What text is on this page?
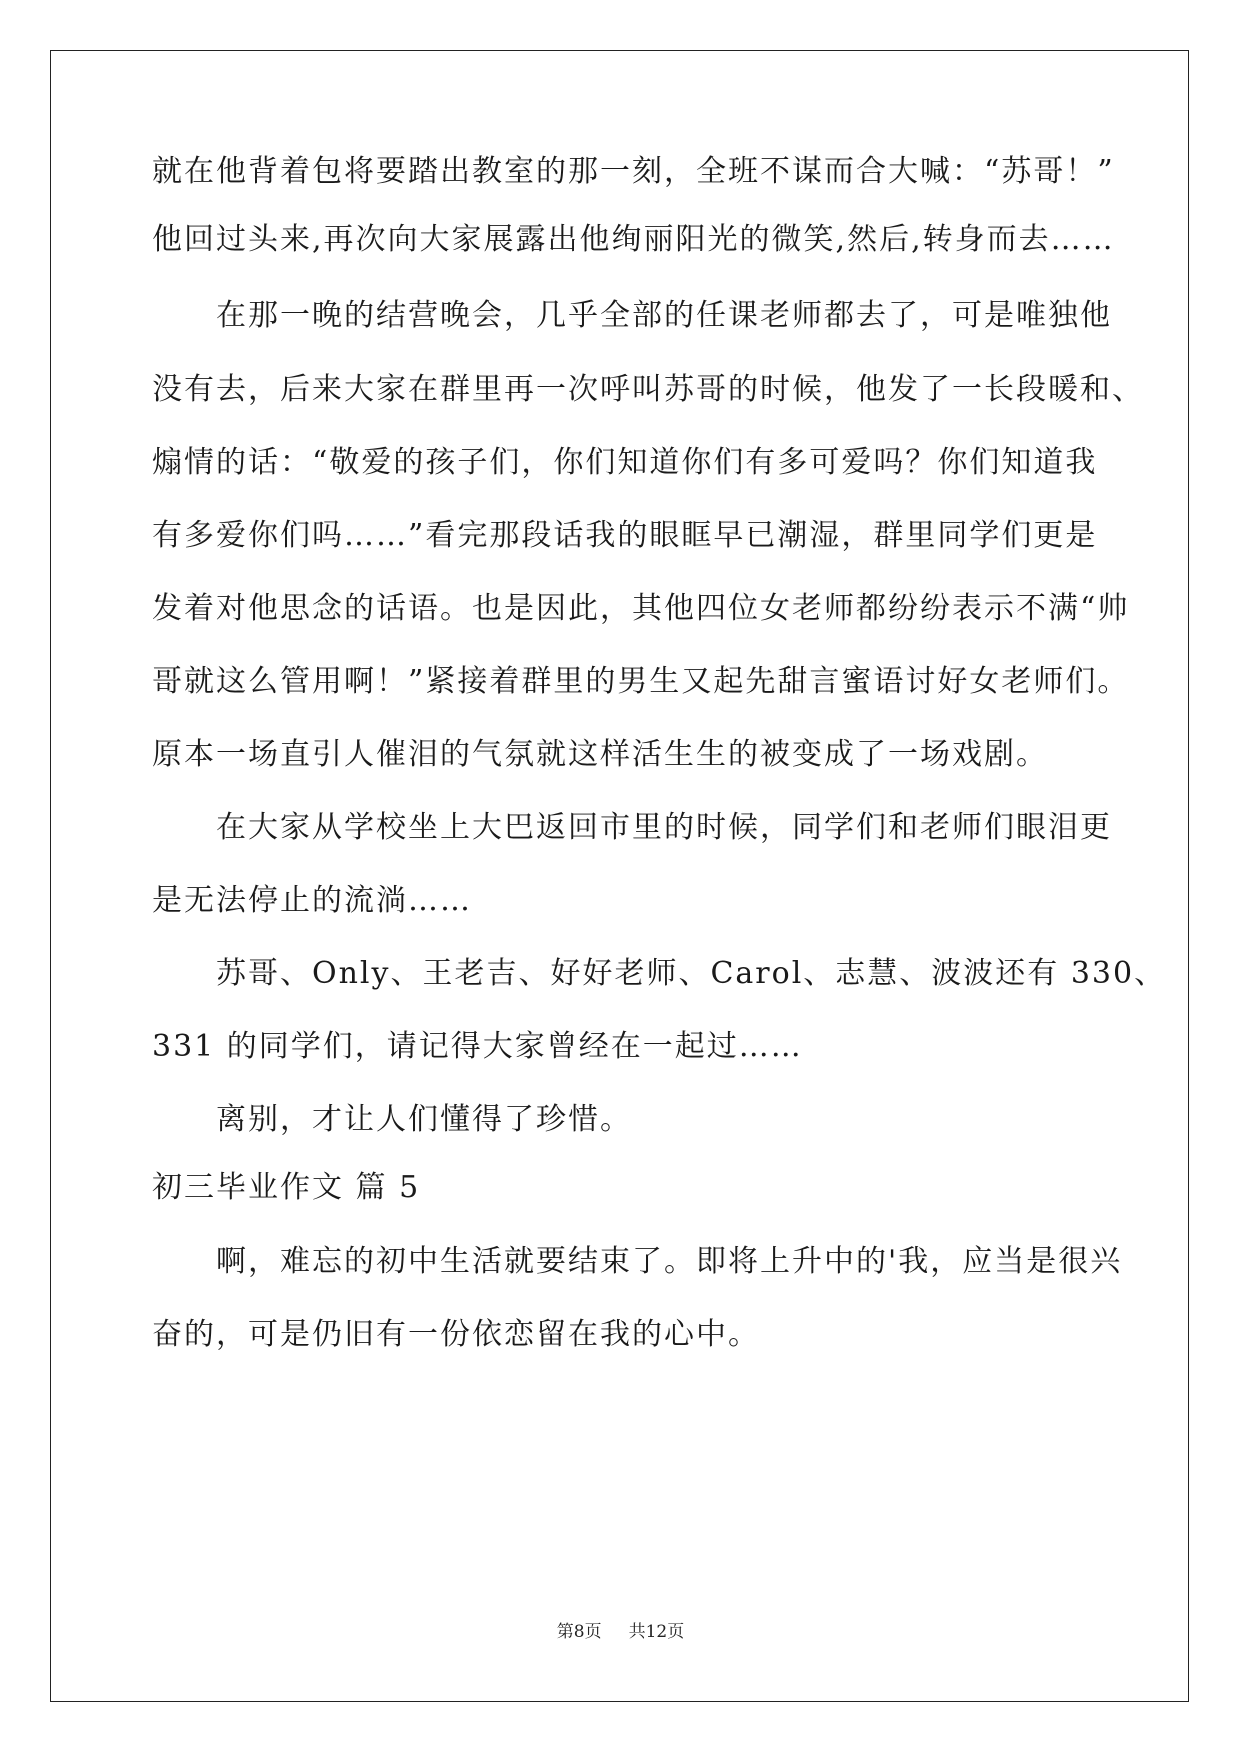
就在他背着包将要踏出教室的那一刻，全班不谋而合大喊：“苏哥！”
他回过头来,再次向大家展露出他绚丽阳光的微笑,然后,转身而去……
在那一晚的结营晚会，几乎全部的任课老师都去了，可是唯独他
没有去，后来大家在群里再一次呼叫苏哥的时候，他发了一长段暖和、
煽情的话：“敬爱的孩子们，你们知道你们有多可爱吗？你们知道我
有多爱你们吗……”看完那段话我的眼眶早已潮湿，群里同学们更是
发着对他思念的话语。也是因此，其他四位女老师都纷纷表示不满“帅
哥就这么管用啊！”紧接着群里的男生又起先甜言蜜语讨好女老师们。
原本一场直引人催泪的气氛就这样活生生的被变成了一场戏剧。
在大家从学校坐上大巴返回市里的时候，同学们和老师们眼泪更
是无法停止的流淌……
苏哥、Only、王老吉、好好老师、Carol、志慧、波波还有 330、
331 的同学们，请记得大家曾经在一起过……
离别，才让人们懂得了珍惜。
初三毕业作文 篇 5
啊，难忘的初中生活就要结束了。即将上升中的'我，应当是很兴
奋的，可是仍旧有一份依恋留在我的心中。
第8页 共12页
